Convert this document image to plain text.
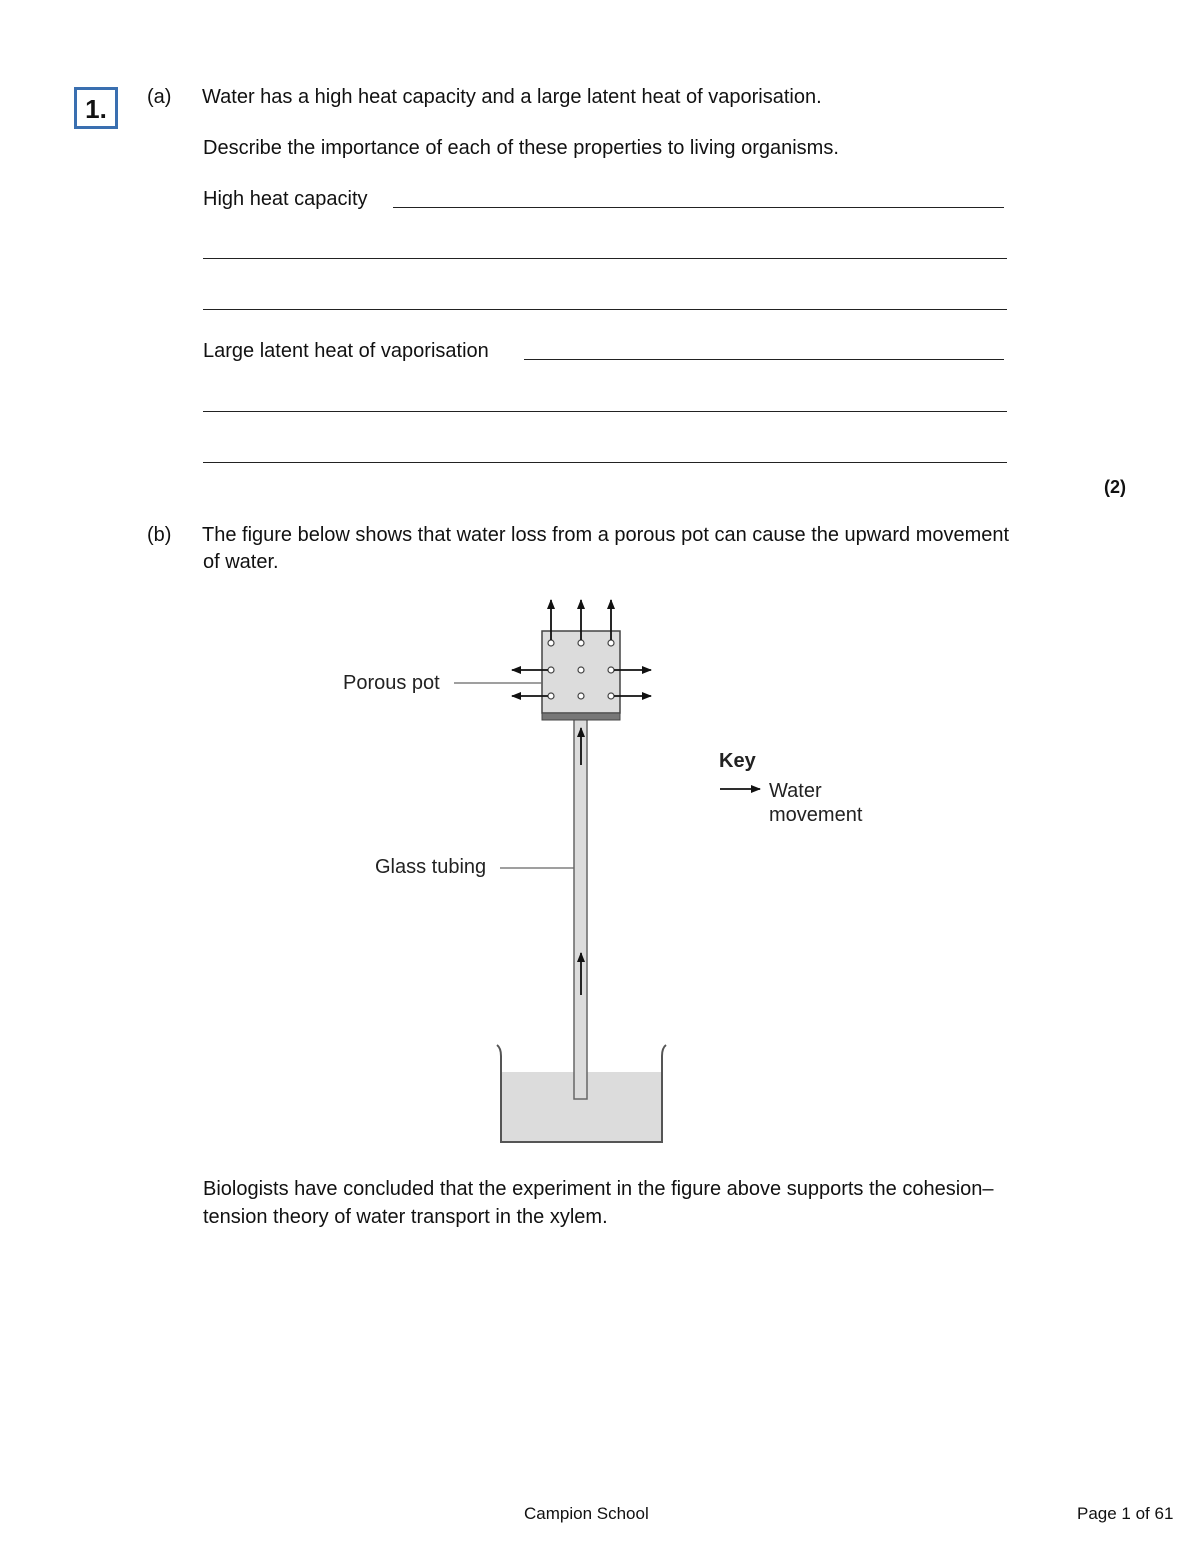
1.	(a) Water has a high heat capacity and a large latent heat of vaporisation.
Describe the importance of each of these properties to living organisms.
High heat capacity
Large latent heat of vaporisation
(2)
(b) The figure below shows that water loss from a porous pot can cause the upward movement
of water.
Porous pot
Glass tubing
Key
Water
movement
Biologists have concluded that the experiment in the figure above supports the cohesion–
tension theory of water transport in the xylem.
Campion School	Page 1 of 61
